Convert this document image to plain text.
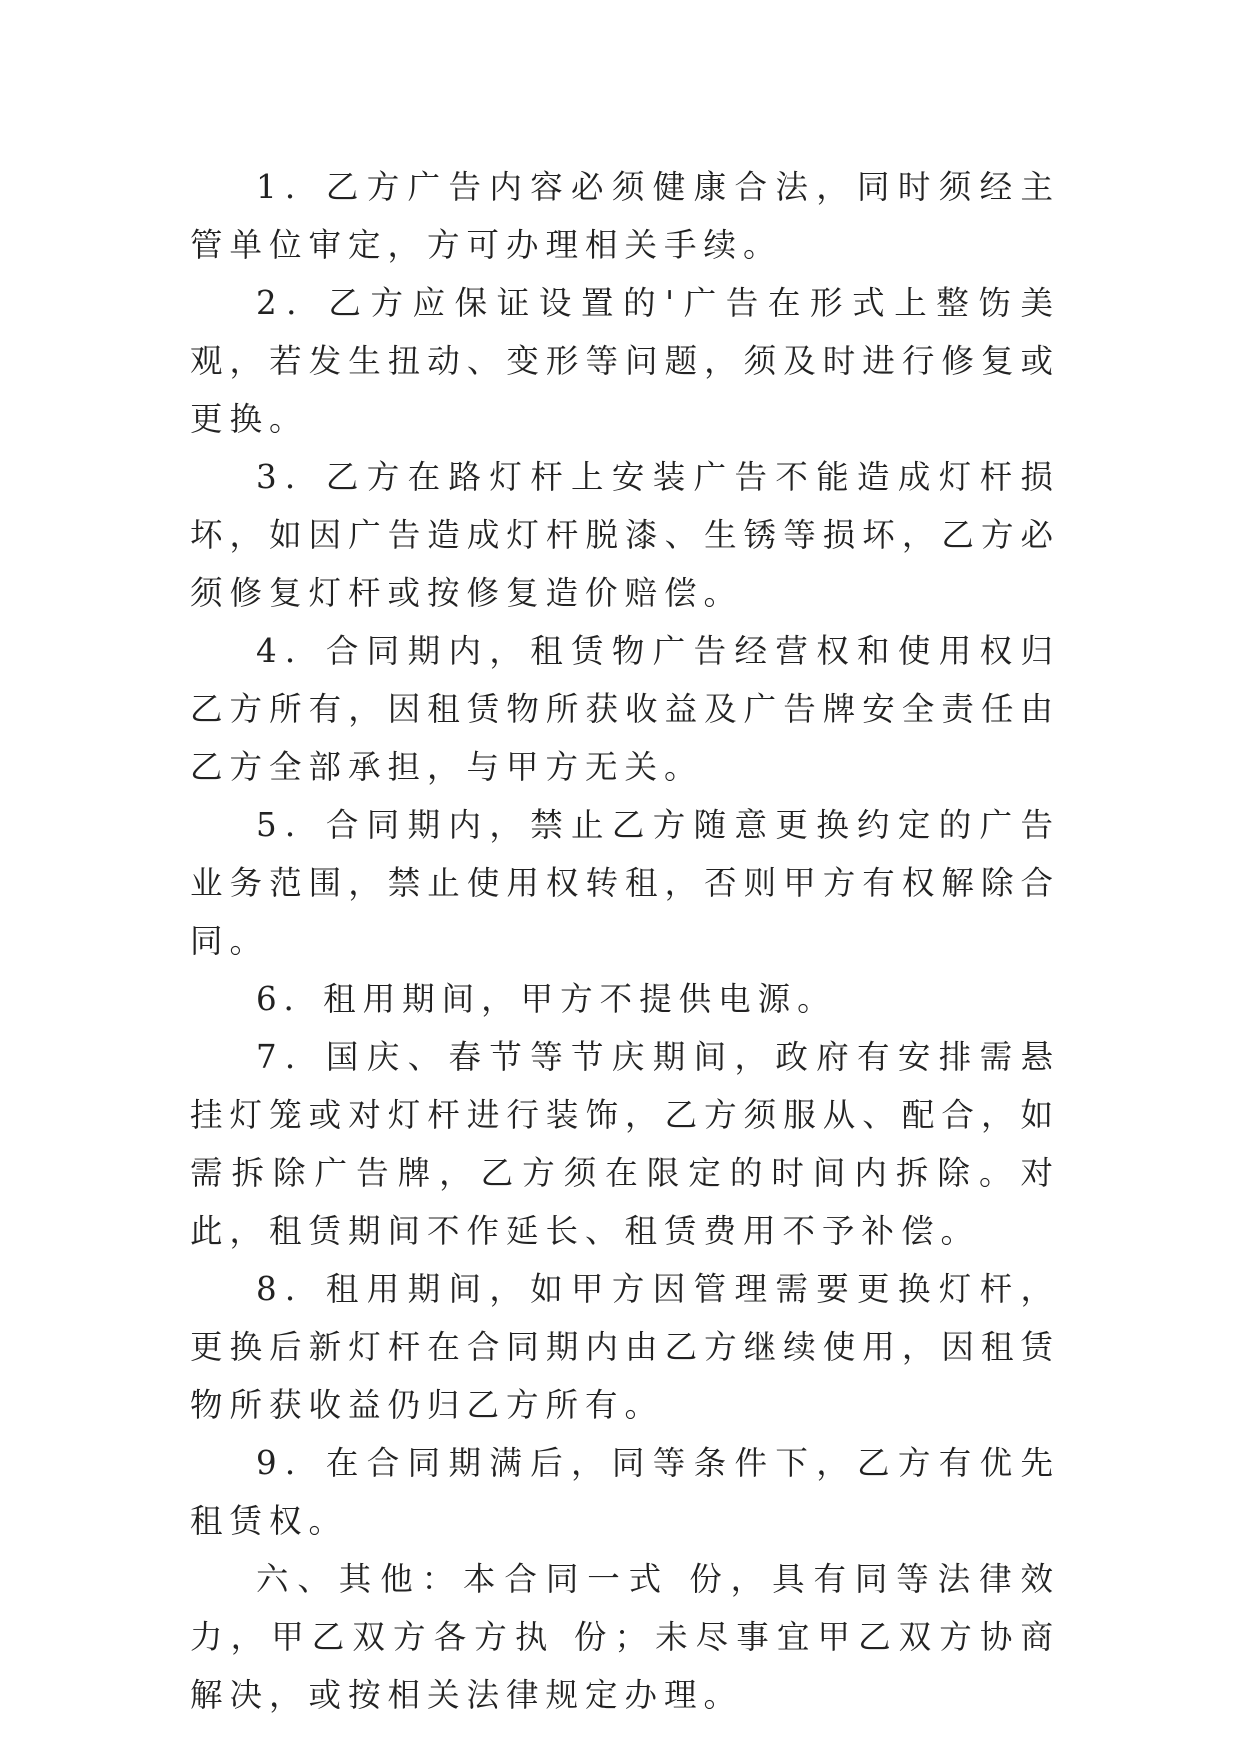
1．乙方广告内容必须健康合法，同时须经主管单位审定，方可办理相关手续。

2．乙方应保证设置的'广告在形式上整饬美观，若发生扭动、变形等问题，须及时进行修复或更换。

3．乙方在路灯杆上安装广告不能造成灯杆损坏，如因广告造成灯杆脱漆、生锈等损坏，乙方必须修复灯杆或按修复造价赔偿。

4．合同期内，租赁物广告经营权和使用权归乙方所有，因租赁物所获收益及广告牌安全责任由乙方全部承担，与甲方无关。

5．合同期内，禁止乙方随意更换约定的广告业务范围，禁止使用权转租，否则甲方有权解除合同。

6．租用期间，甲方不提供电源。

7．国庆、春节等节庆期间，政府有安排需悬挂灯笼或对灯杆进行装饰，乙方须服从、配合，如需拆除广告牌，乙方须在限定的时间内拆除。对此，租赁期间不作延长、租赁费用不予补偿。

8．租用期间，如甲方因管理需要更换灯杆，更换后新灯杆在合同期内由乙方继续使用，因租赁物所获收益仍归乙方所有。

9．在合同期满后，同等条件下，乙方有优先租赁权。

六、其他：本合同一式 份，具有同等法律效力，甲乙双方各方执 份；未尽事宜甲乙双方协商解决，或按相关法律规定办理。
